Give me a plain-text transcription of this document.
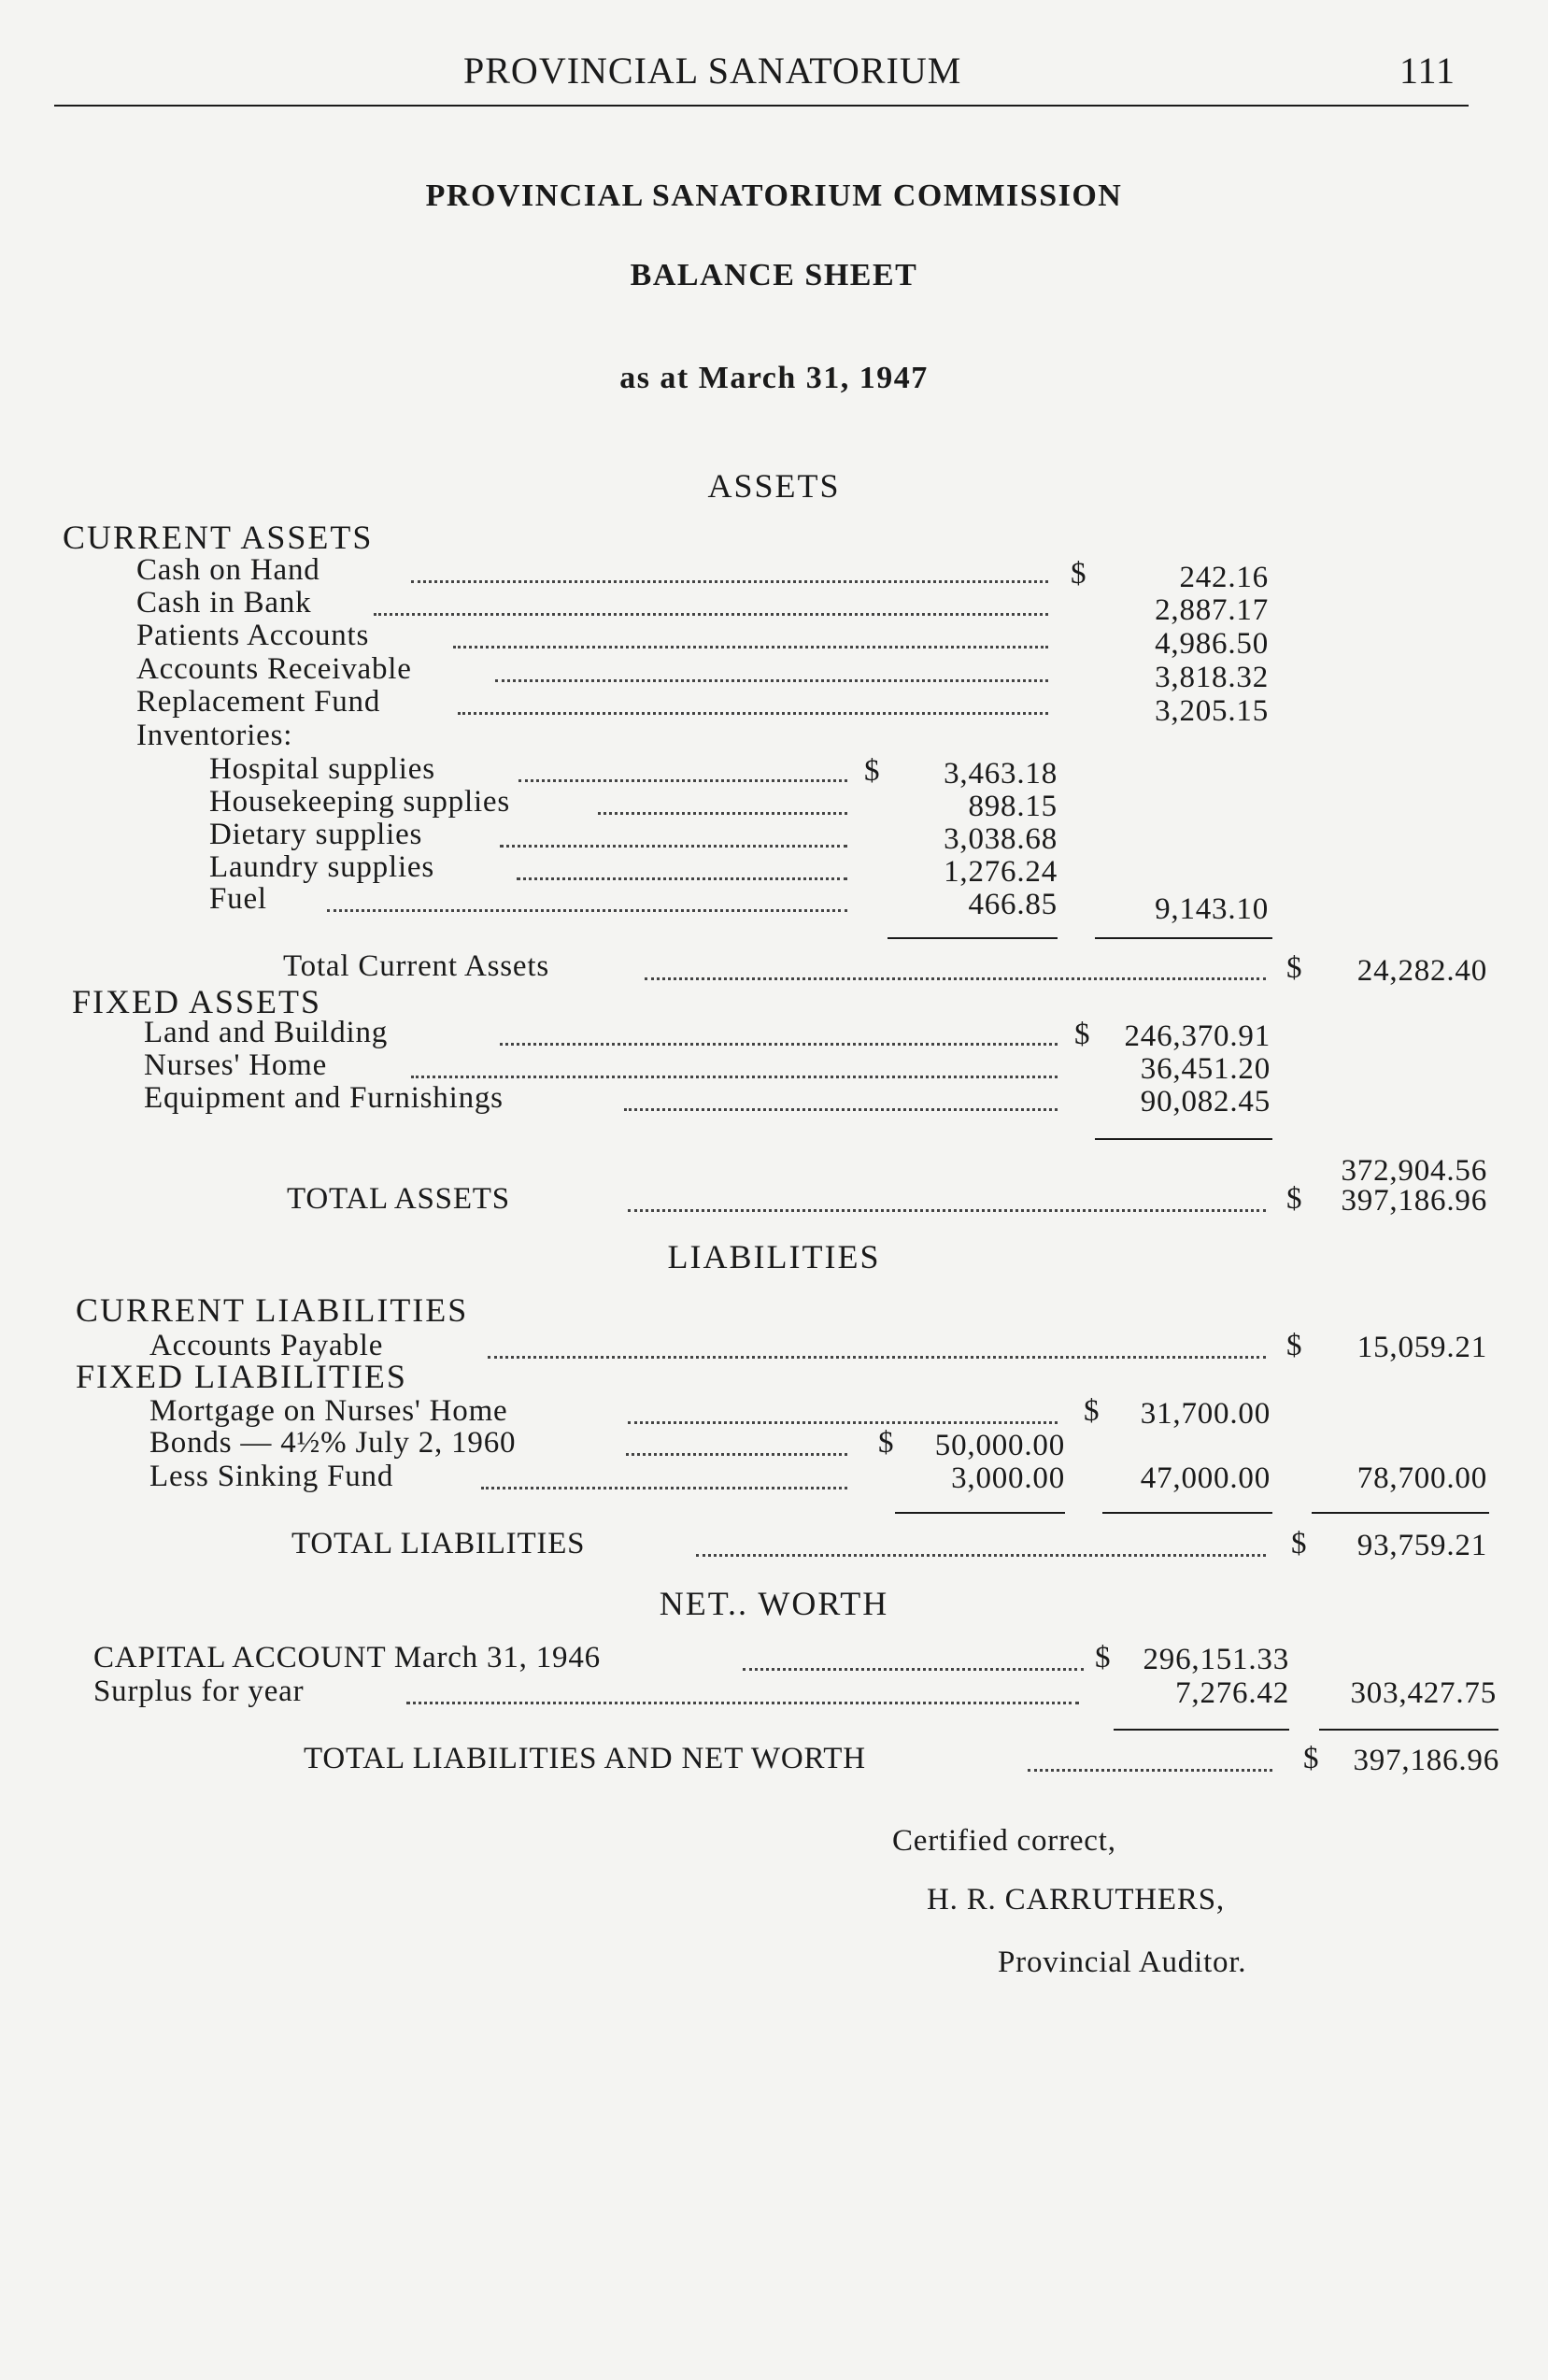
PROVINCIAL SANATORIUM	111
PROVINCIAL SANATORIUM COMMISSION
BALANCE SHEET
as at March 31, 1947
ASSETS
CURRENT ASSETS
Cash on Hand	$	242.16
Cash in Bank	2,887.17
Patients Accounts	4,986.50
Accounts Receivable	3,818.32
Replacement Fund	3,205.15
Inventories:
Hospital supplies	$	3,463.18
Housekeeping supplies	898.15
Dietary supplies	3,038.68
Laundry supplies	1,276.24
Fuel	466.85	9,143.10
Total Current Assets	$	24,282.40
FIXED ASSETS
Land and Building	$	246,370.91
Nurses' Home	36,451.20
Equipment and Furnishings	90,082.45
372,904.56
TOTAL ASSETS	$	397,186.96
LIABILITIES
CURRENT LIABILITIES
Accounts Payable	$	15,059.21
FIXED LIABILITIES
Mortgage on Nurses' Home	$	31,700.00
Bonds — 4½% July 2, 1960	$	50,000.00
Less Sinking Fund	3,000.00	47,000.00	78,700.00
TOTAL LIABILITIES	$	93,759.21
NET.. WORTH
CAPITAL ACCOUNT March 31, 1946	$	296,151.33
Surplus for year	7,276.42	303,427.75
TOTAL LIABILITIES AND NET WORTH	$	397,186.96
Certified correct,
H. R. CARRUTHERS,
Provincial Auditor.
